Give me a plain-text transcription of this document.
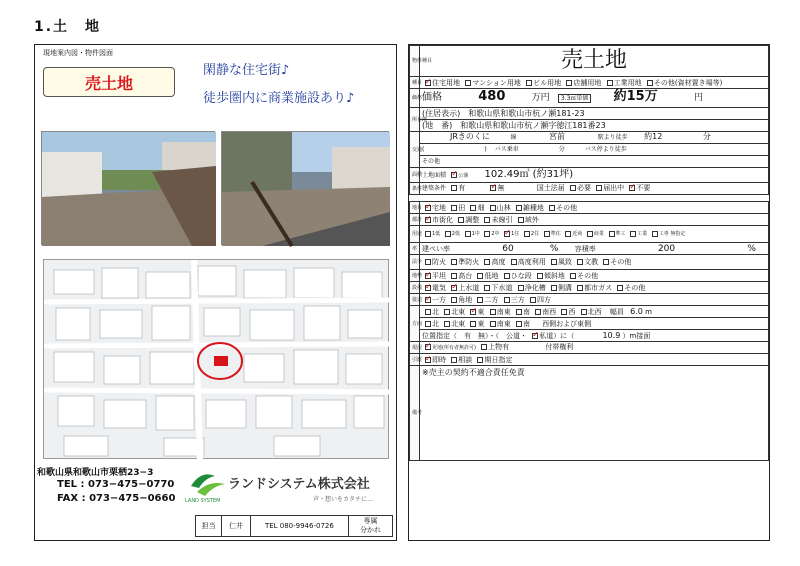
1.土　地
現地案内図・物件図面
売土地
閑静な住宅街♪
徒歩圏内に商業施設あり♪
和歌山県和歌山市栗栖23−3
TEL : 073−475−0770
FAX : 073−475−0660
ランドシステム株式会社
LAND SYSTEM	声・想いをカタチに…
担当	仁井	TEL 080-9946-0726
専属
分かれ
物件種目	売土地
種目	✓住宅用地 マンション用地 ビル用地 店舗用地 工業用地 その他(資材置き場等)
価格	価格 480 万円 3.3㎡単価 約15万 円
所在地	(住居表示)　 和歌山県和歌山市杭ノ瀬181-23
	(地　番)　 和歌山県和歌山市杭ノ瀬字徳江181番23
交通	JRきのくに 線 宮前 駅より徒歩 約12 分
	( ) バス乗車 分 バス停より徒歩
	その他
面積	土地面積 ✓ 公簿 102.49㎡ (約31坪)
条件	建築条件 有 ✓ 無 国土法届 必要 届出中 ✓ 不要

地目	✓宅地 田 畑 山林 雑種地 その他
都計	✓市街化 調整 未線引 域外
用途	1低 2低 1中 2中 ✓ 1住 2住 準住 近商 商業 準工 工業 工専 無指定
率	建ぺい率 60 % 容積率 200 %
法令	防火 準防火 高度 高度利用 風致 文教 その他
地勢	✓平坦 高台 低地 ひな段 傾斜地 その他
設備	✓電気 ✓ 上水道 下水道 浄化槽 側溝 都市ガス その他
接道	✓一方 角地 二方 三方 四方
方向	北 北東 ✓ 東 南東 南 南西 西 北西 幅員 6.0 m
	北 北東 東 南東 南 西側および東側
	位置指定（　有　無）・（　公道・ ✓ 私道）に（ 10.9 ）m接面
現況	✓更地(所有者無許可) 上物有 付帯権利
引渡	✓即時 相談 期日指定
備考	※売主の契約不適合責任免責
